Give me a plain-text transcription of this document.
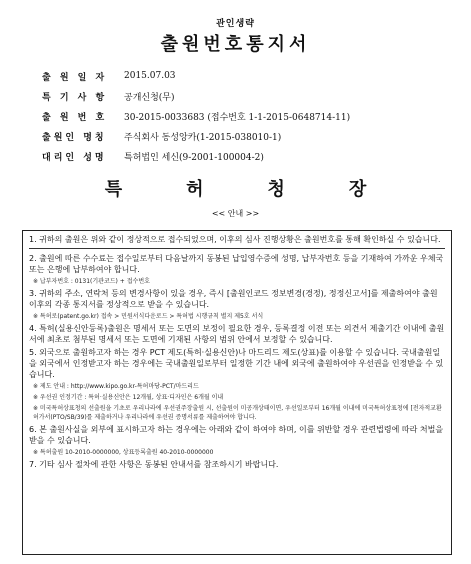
관인생략
출원번호통지서
출 원 일 자	2015.07.03
특 기 사 항	공개신청(무)
출 원 번 호	30-2015-0033683 (접수번호 1-1-2015-0648714-11)
출원인 명칭	주식회사 동성앙카(1-2015-038010-1)
대리인 성명	특허법인 세신(9-2001-100004-2)
특	허	청	장
<< 안내 >>

1. 귀하의 출원은 위와 같이 정상적으로 접수되었으며, 이후의 심사 진행상황은 출원번호를 통해 확인하실 수 있습니다.

2. 출원에 따른 수수료는 접수일로부터 다음날까지 동봉된 납입영수증에 성명, 납부자번호 등을 기재하여 가까운 우체국 또는 은행에 납부하여야 합니다.

※ 납부자번호 : 0131(기관코드) + 접수번호

3. 귀하의 주소, 연락처 등의 변경사항이 있을 경우, 즉시 [출원인코드 정보변경(경정), 정정신고서]를 제출하여야 출원 이후의 각종 통지서를 정상적으로 받을 수 있습니다.

※ 특허로(patent.go.kr) 접속 > 민원서식다운로드 > 특허법 시행규칙 별지 제5호 서식

4. 특허(실용신안등록)출원은 명세서 또는 도면의 보정이 필요한 경우, 등록결정 이전 또는 의견서 제출기간 이내에 출원서에 최초로 첨부된 명세서 또는 도면에 기재된 사항의 범위 안에서 보정할 수 있습니다.

5. 외국으로 출원하고자 하는 경우 PCT 제도(특허·실용신안)나 마드리드 제도(상표)를 이용할 수 있습니다. 국내출원일을 외국에서 인정받고자 하는 경우에는 국내출원일로부터 일정한 기간 내에 외국에 출원하여야 우선권을 인정받을 수 있습니다.

※ 제도 안내 : http://www.kipo.go.kr-특허마당-PCT/마드리드

※ 우선권 인정기간 : 특허·실용신안은 12개월, 상표·디자인은 6개월 이내

※ 미국특허상표청의 선출원을 기초로 우리나라에 우선권주장출원 시, 선출원이 미공개상태이면, 우선일로부터 16개월 이내에 미국특허상표청에 [전자적교환허가서(PTO/SB/39)를 제출하거나 우리나라에 우선권 증명서류를 제출하여야 합니다.

6. 본 출원사실을 외부에 표시하고자 하는 경우에는 아래와 같이 하여야 하며, 이를 위반할 경우 관련법령에 따라 처벌을 받을 수 있습니다.

※ 특허출원 10-2010-0000000, 상표등록출원 40-2010-0000000

7. 기타 심사 절차에 관한 사항은 동봉된 안내서를 참조하시기 바랍니다.
